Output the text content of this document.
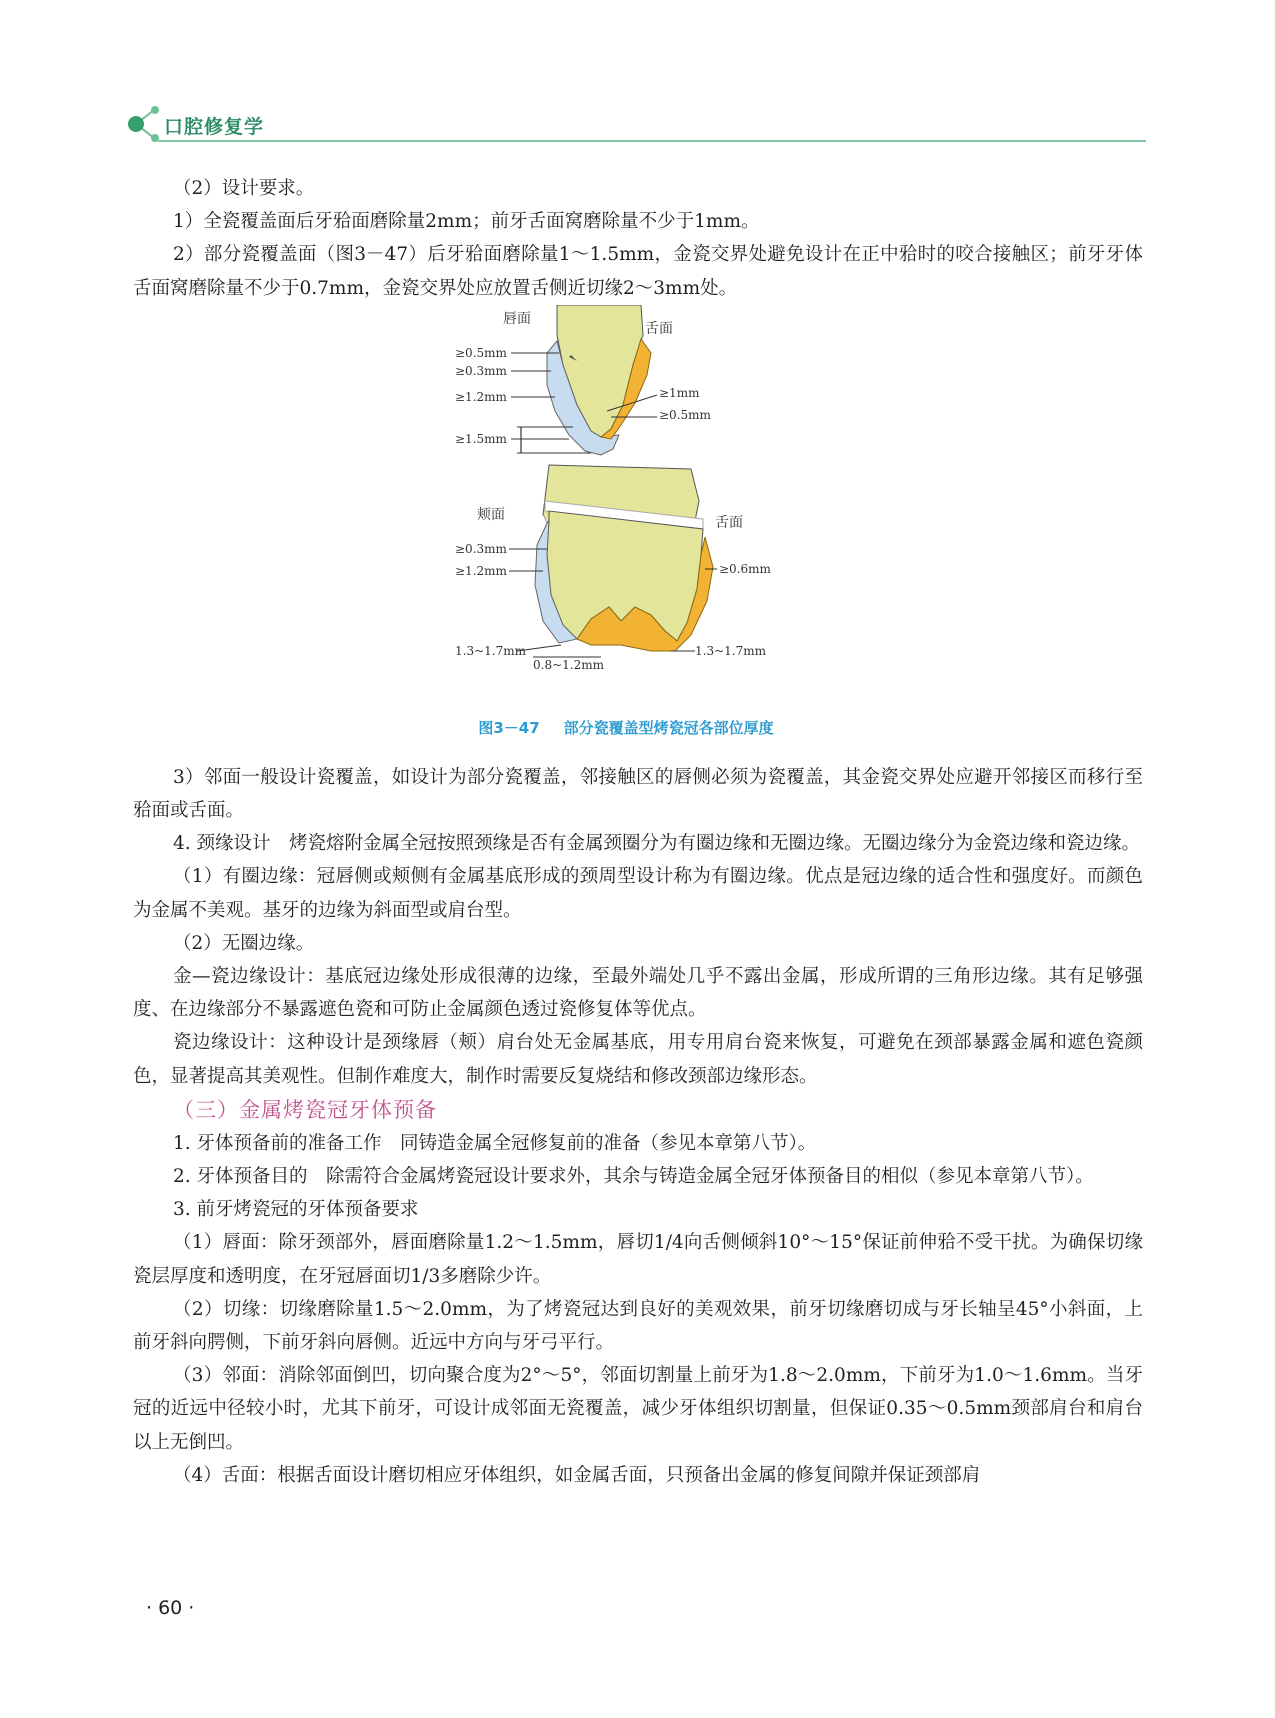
口腔修复学

（2）设计要求。

1）全瓷覆盖面后牙𬌗面磨除量2mm；前牙舌面窝磨除量不少于1mm。

2）部分瓷覆盖面（图3－47）后牙𬌗面磨除量1～1.5mm，金瓷交界处避免设计在正中𬌗时的咬合接触区；前牙牙体舌面窝磨除量不少于0.7mm，金瓷交界处应放置舌侧近切缘2～3mm处。

唇面
舌面
≥0.5mm
≥0.3mm
≥1.2mm
≥1.5mm
≥1mm
≥0.5mm
颊面	舌面
≥0.3mm
≥1.2mm	≥0.6mm
1.3~1.7mm
0.8~1.2mm
1.3~1.7mm
图3－47 部分瓷覆盖型烤瓷冠各部位厚度

3）邻面一般设计瓷覆盖，如设计为部分瓷覆盖，邻接触区的唇侧必须为瓷覆盖，其金瓷交界处应避开邻接区而移行至𬌗面或舌面。

4. 颈缘设计　烤瓷熔附金属全冠按照颈缘是否有金属颈圈分为有圈边缘和无圈边缘。无圈边缘分为金瓷边缘和瓷边缘。

（1）有圈边缘：冠唇侧或颊侧有金属基底形成的颈周型设计称为有圈边缘。优点是冠边缘的适合性和强度好。而颜色为金属不美观。基牙的边缘为斜面型或肩台型。

（2）无圈边缘。

金—瓷边缘设计：基底冠边缘处形成很薄的边缘，至最外端处几乎不露出金属，形成所谓的三角形边缘。其有足够强度、在边缘部分不暴露遮色瓷和可防止金属颜色透过瓷修复体等优点。

瓷边缘设计：这种设计是颈缘唇（颊）肩台处无金属基底，用专用肩台瓷来恢复，可避免在颈部暴露金属和遮色瓷颜色，显著提高其美观性。但制作难度大，制作时需要反复烧结和修改颈部边缘形态。

（三）金属烤瓷冠牙体预备

1. 牙体预备前的准备工作　同铸造金属全冠修复前的准备（参见本章第八节）。

2. 牙体预备目的　除需符合金属烤瓷冠设计要求外，其余与铸造金属全冠牙体预备目的相似（参见本章第八节）。

3. 前牙烤瓷冠的牙体预备要求

（1）唇面：除牙颈部外，唇面磨除量1.2～1.5mm，唇切1/4向舌侧倾斜10°～15°保证前伸𬌗不受干扰。为确保切缘瓷层厚度和透明度，在牙冠唇面切1/3多磨除少许。

（2）切缘：切缘磨除量1.5～2.0mm，为了烤瓷冠达到良好的美观效果，前牙切缘磨切成与牙长轴呈45°小斜面，上前牙斜向腭侧，下前牙斜向唇侧。近远中方向与牙弓平行。

（3）邻面：消除邻面倒凹，切向聚合度为2°～5°，邻面切割量上前牙为1.8～2.0mm，下前牙为1.0～1.6mm。当牙冠的近远中径较小时，尤其下前牙，可设计成邻面无瓷覆盖，减少牙体组织切割量，但保证0.35～0.5mm颈部肩台和肩台以上无倒凹。

（4）舌面：根据舌面设计磨切相应牙体组织，如金属舌面，只预备出金属的修复间隙并保证颈部肩

· 60 ·
